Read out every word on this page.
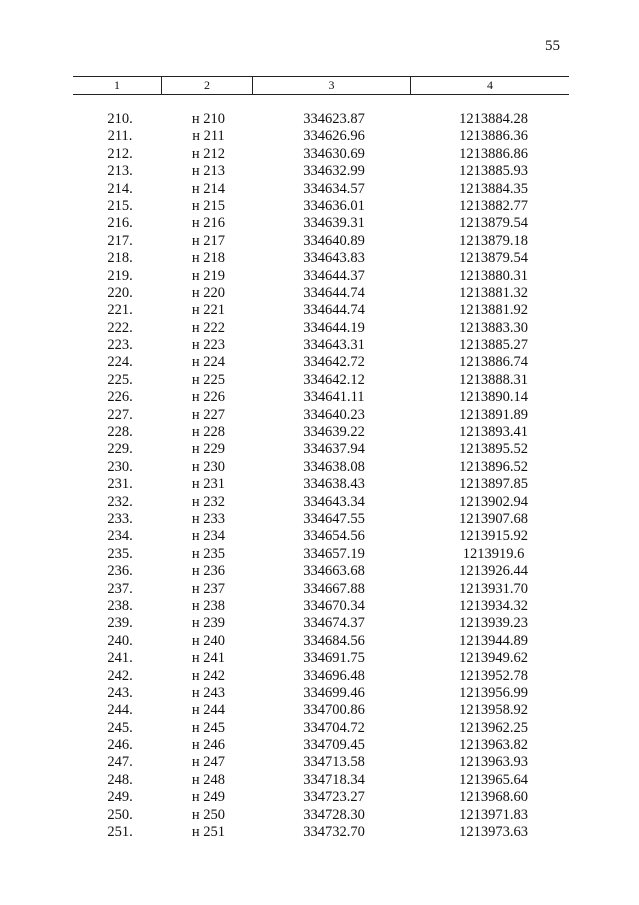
55
1	2	3	4
210.	н 210	334623.87	1213884.28
211.	н 211	334626.96	1213886.36
212.	н 212	334630.69	1213886.86
213.	н 213	334632.99	1213885.93
214.	н 214	334634.57	1213884.35
215.	н 215	334636.01	1213882.77
216.	н 216	334639.31	1213879.54
217.	н 217	334640.89	1213879.18
218.	н 218	334643.83	1213879.54
219.	н 219	334644.37	1213880.31
220.	н 220	334644.74	1213881.32
221.	н 221	334644.74	1213881.92
222.	н 222	334644.19	1213883.30
223.	н 223	334643.31	1213885.27
224.	н 224	334642.72	1213886.74
225.	н 225	334642.12	1213888.31
226.	н 226	334641.11	1213890.14
227.	н 227	334640.23	1213891.89
228.	н 228	334639.22	1213893.41
229.	н 229	334637.94	1213895.52
230.	н 230	334638.08	1213896.52
231.	н 231	334638.43	1213897.85
232.	н 232	334643.34	1213902.94
233.	н 233	334647.55	1213907.68
234.	н 234	334654.56	1213915.92
235.	н 235	334657.19	1213919.6
236.	н 236	334663.68	1213926.44
237.	н 237	334667.88	1213931.70
238.	н 238	334670.34	1213934.32
239.	н 239	334674.37	1213939.23
240.	н 240	334684.56	1213944.89
241.	н 241	334691.75	1213949.62
242.	н 242	334696.48	1213952.78
243.	н 243	334699.46	1213956.99
244.	н 244	334700.86	1213958.92
245.	н 245	334704.72	1213962.25
246.	н 246	334709.45	1213963.82
247.	н 247	334713.58	1213963.93
248.	н 248	334718.34	1213965.64
249.	н 249	334723.27	1213968.60
250.	н 250	334728.30	1213971.83
251.	н 251	334732.70	1213973.63
